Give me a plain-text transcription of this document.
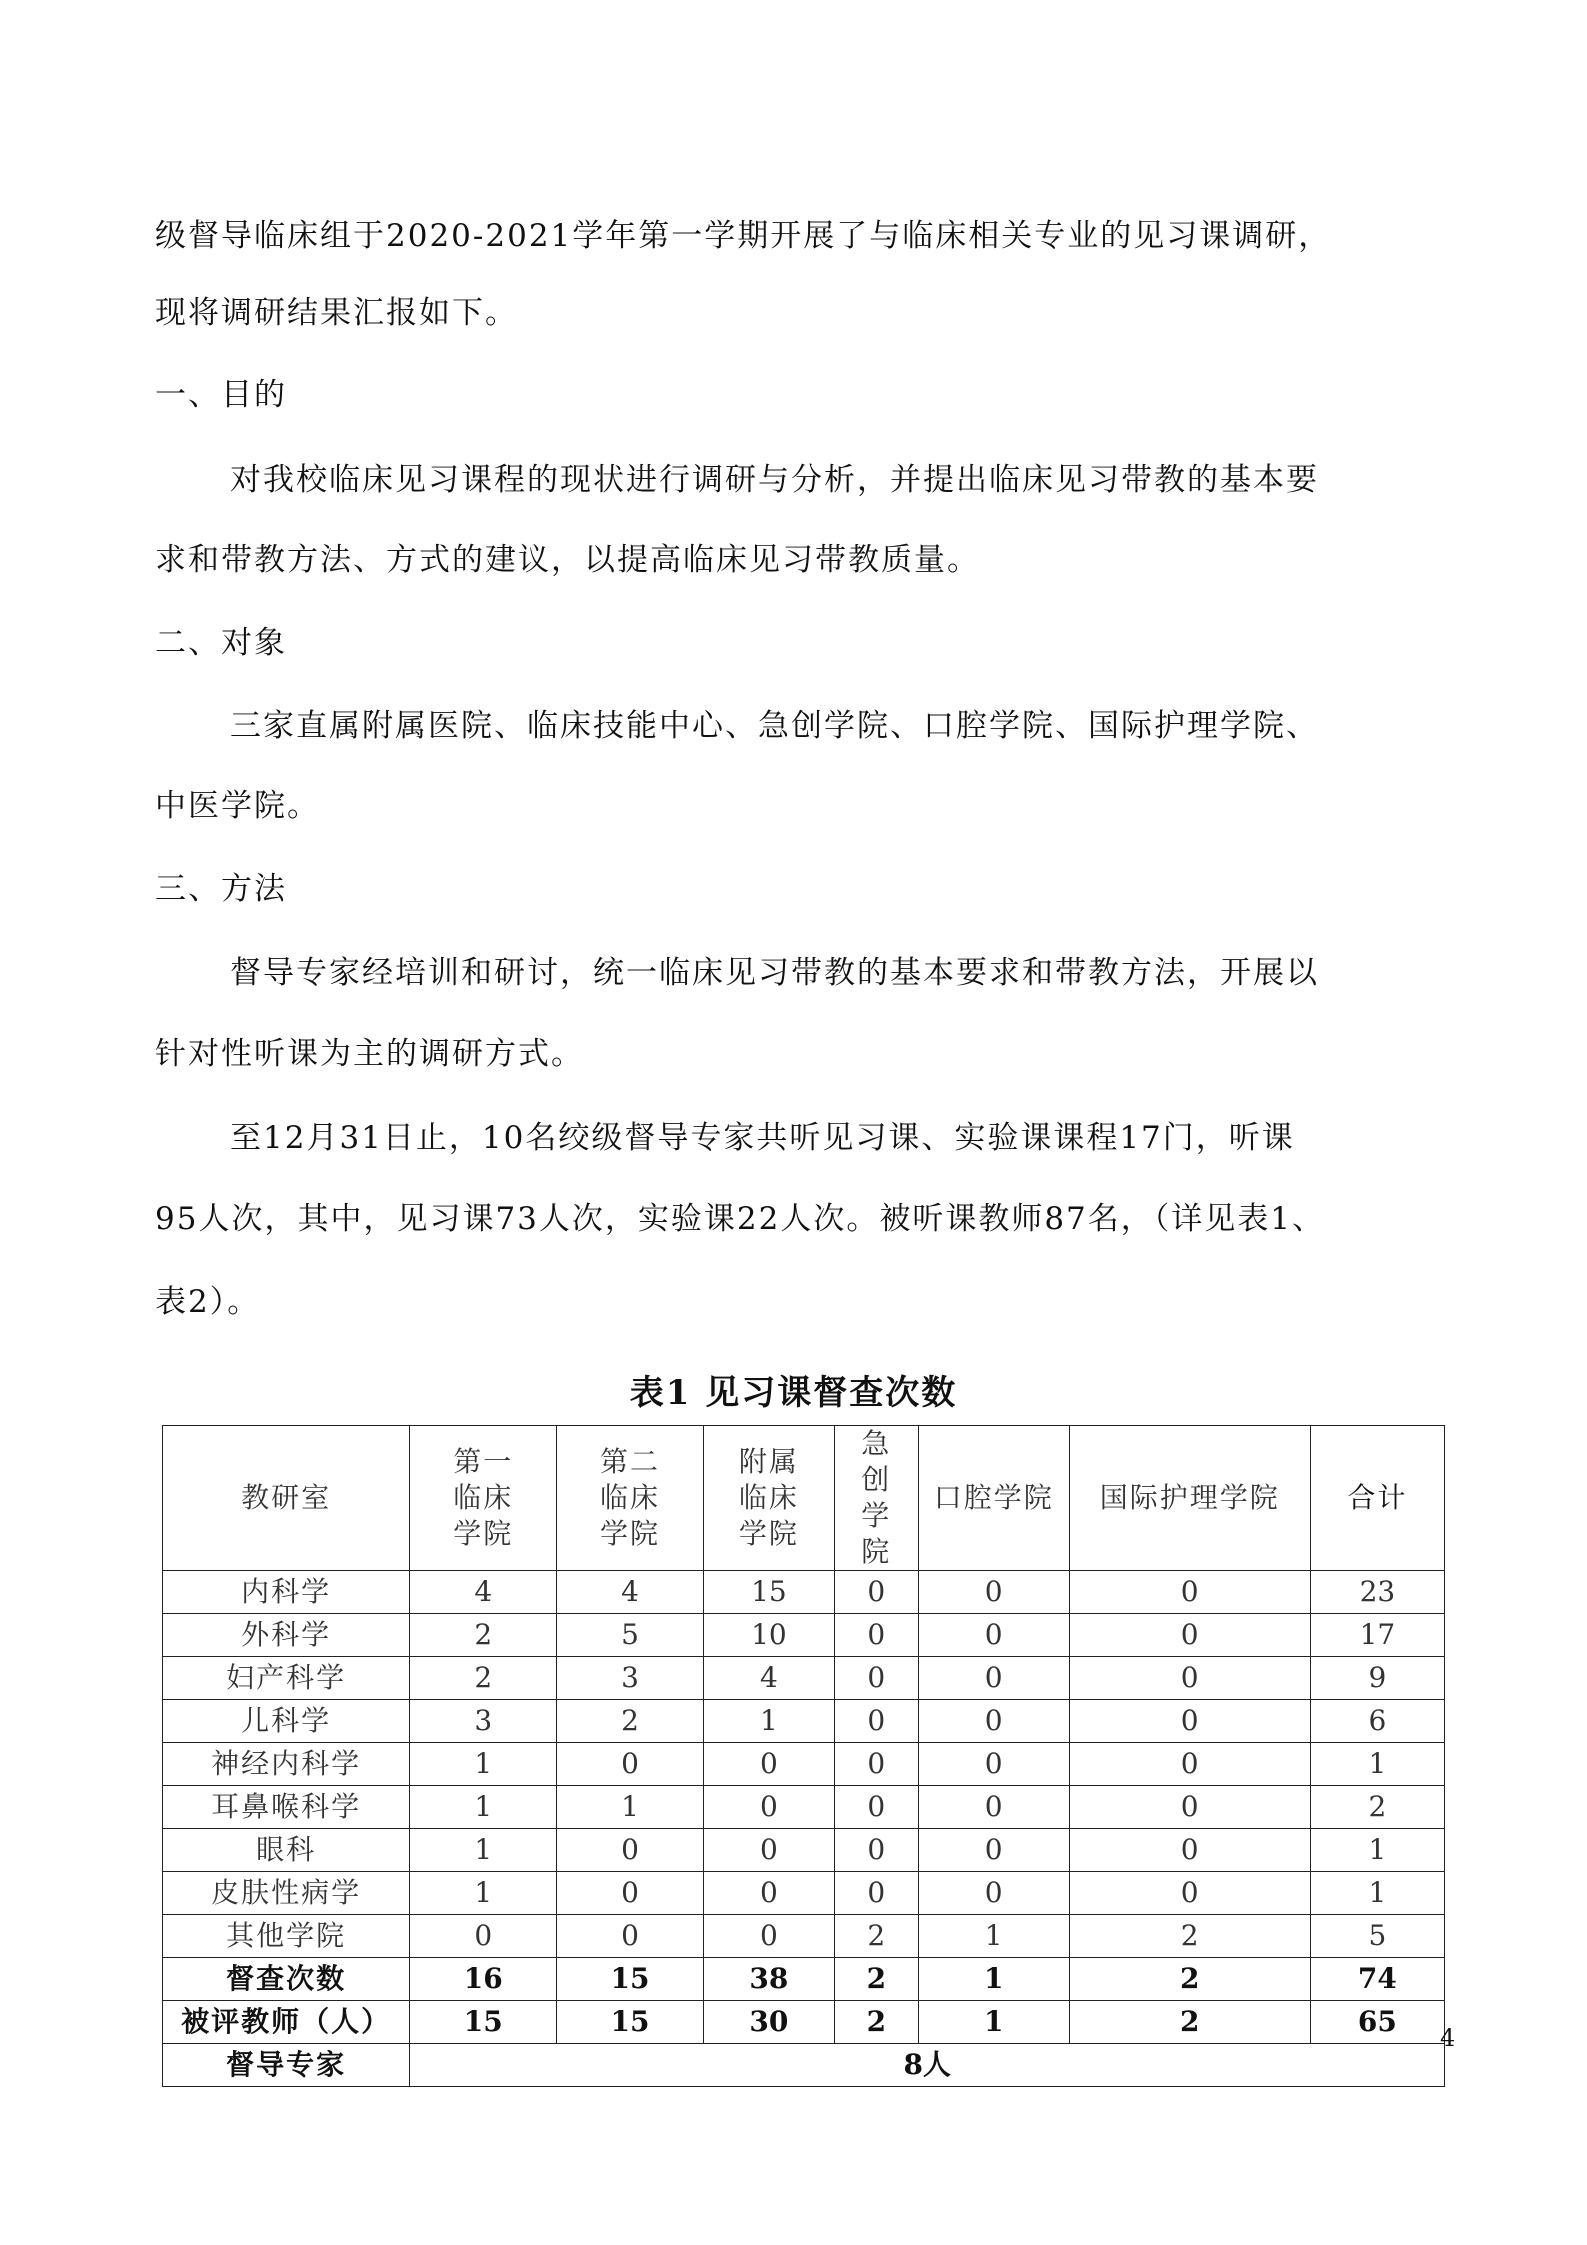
级督导临床组于2020-2021学年第一学期开展了与临床相关专业的见习课调研，
现将调研结果汇报如下。
一、目的
对我校临床见习课程的现状进行调研与分析，并提出临床见习带教的基本要
求和带教方法、方式的建议，以提高临床见习带教质量。
二、对象
三家直属附属医院、临床技能中心、急创学院、口腔学院、国际护理学院、
中医学院。
三、方法
督导专家经培训和研讨，统一临床见习带教的基本要求和带教方法，开展以
针对性听课为主的调研方式。
至12月31日止，10名绞级督导专家共听见习课、实验课课程17门，听课
95人次，其中，见习课73人次，实验课22人次。被听课教师87名，（详见表1、
表2）。
表1 见习课督查次数
教研室	第一临床学院	第二临床学院	附属临床学院	急创学院	口腔学院	国际护理学院	合计
内科学	4	4	15	0	0	0	23
外科学	2	5	10	0	0	0	17
妇产科学	2	3	4	0	0	0	9
儿科学	3	2	1	0	0	0	6
神经内科学	1	0	0	0	0	0	1
耳鼻喉科学	1	1	0	0	0	0	2
眼科	1	0	0	0	0	0	1
皮肤性病学	1	0	0	0	0	0	1
其他学院	0	0	0	2	1	2	5
督查次数	16	15	38	2	1	2	74
被评教师（人）	15	15	30	2	1	2	65
督导专家	8人						
4
